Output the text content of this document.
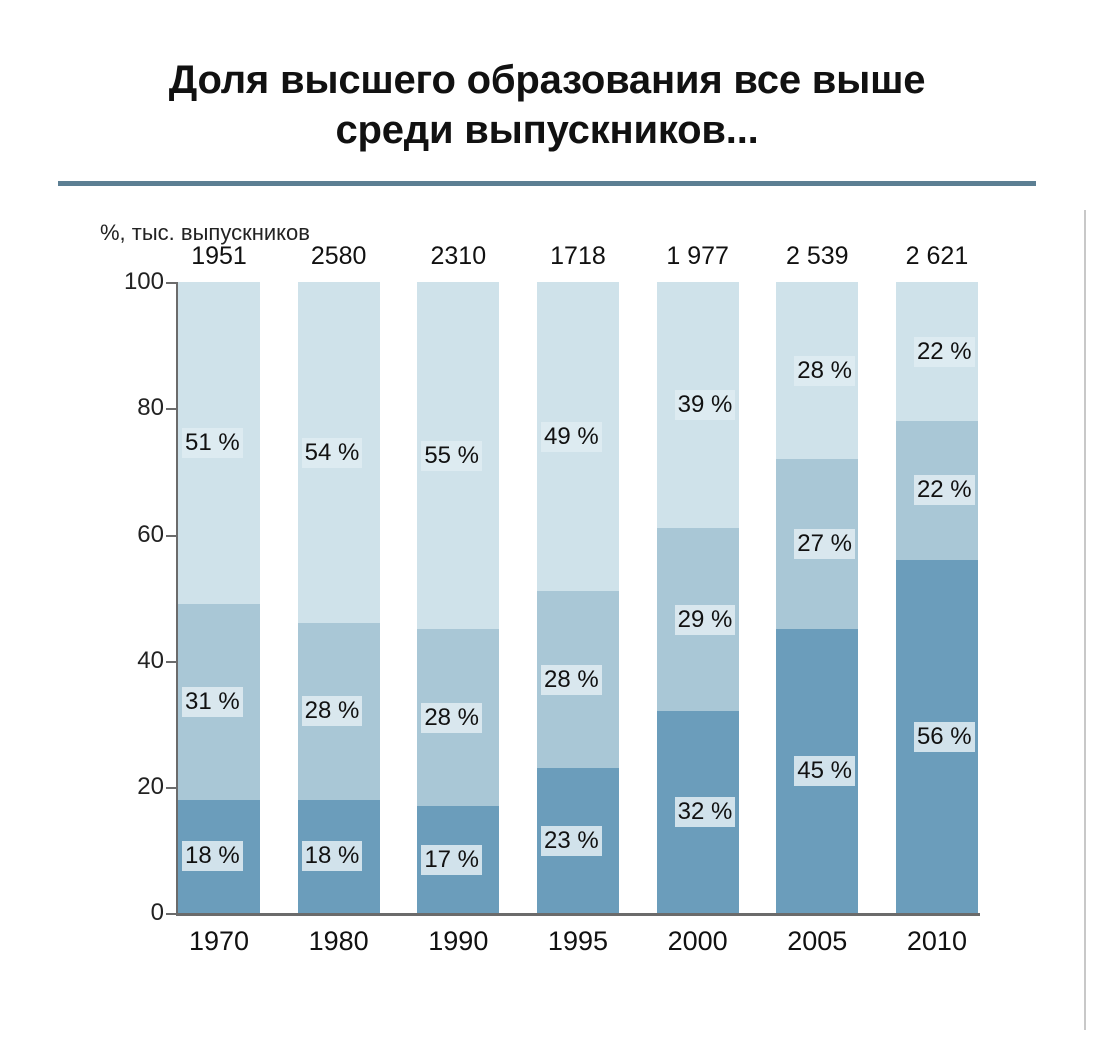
Доля высшего образования все выше
среди выпускников...
%, тыс. выпускников
0
20
40
60
80
100
1951
51 %
31 %
18 %
2580
54 %
28 %
18 %
2310
55 %
28 %
17 %
1718
49 %
28 %
23 %
1 977
39 %
29 %
32 %
2 539
28 %
27 %
45 %
2 621
22 %
22 %
56 %
1970	1980	1990	1995	2000	2005	2010
